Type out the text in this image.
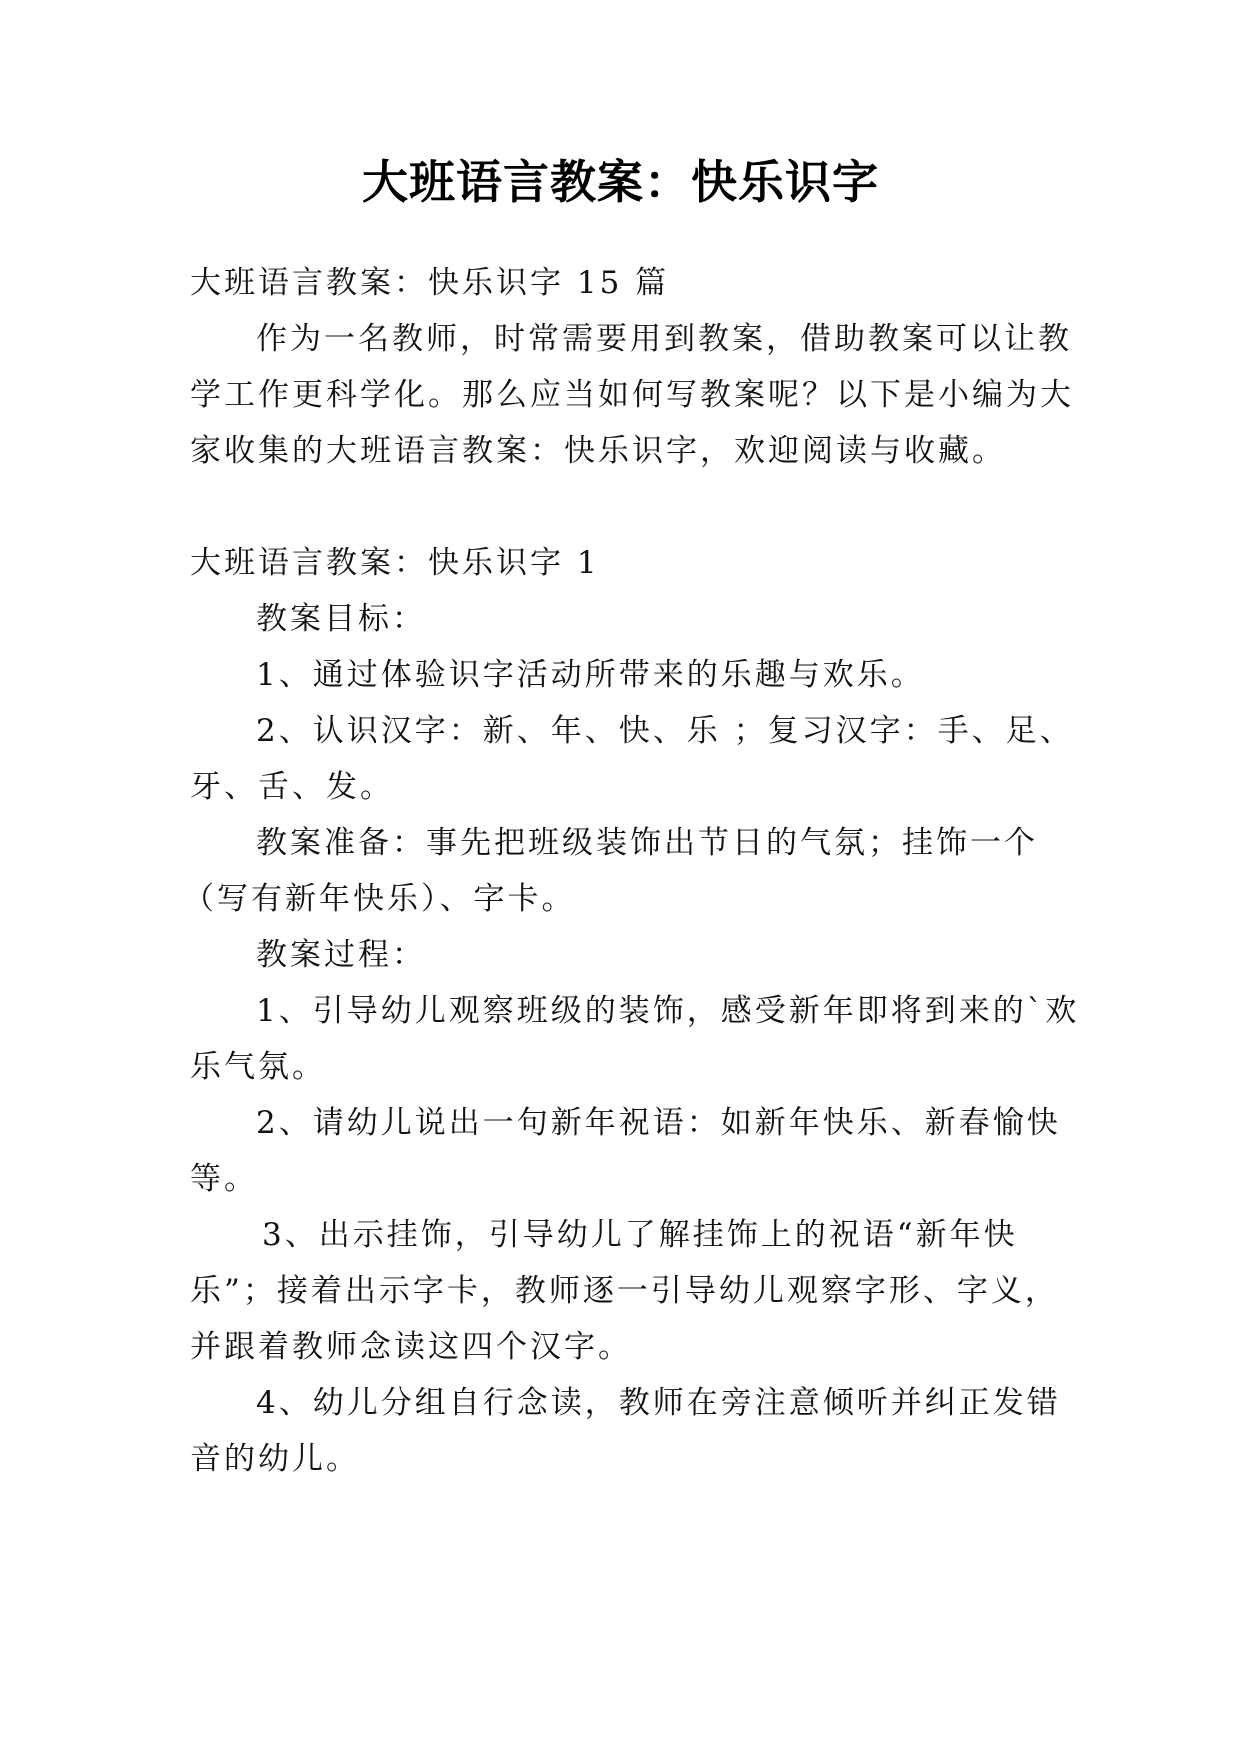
大班语言教案：快乐识字
大班语言教案：快乐识字 15 篇
作为一名教师，时常需要用到教案，借助教案可以让教
学工作更科学化。那么应当如何写教案呢？以下是小编为大
家收集的大班语言教案：快乐识字，欢迎阅读与收藏。
大班语言教案：快乐识字 1
教案目标：
1、通过体验识字活动所带来的乐趣与欢乐。
2、认识汉字：新、年、快、乐 ；复习汉字：手、足、
牙、舌、发。
教案准备：事先把班级装饰出节日的气氛；挂饰一个
（写有新年快乐）、字卡。
教案过程：
1、引导幼儿观察班级的装饰，感受新年即将到来的`欢
乐气氛。
2、请幼儿说出一句新年祝语：如新年快乐、新春愉快
等。
3、出示挂饰，引导幼儿了解挂饰上的祝语“新年快
乐”；接着出示字卡，教师逐一引导幼儿观察字形、字义，
并跟着教师念读这四个汉字。
4、幼儿分组自行念读，教师在旁注意倾听并纠正发错
音的幼儿。
